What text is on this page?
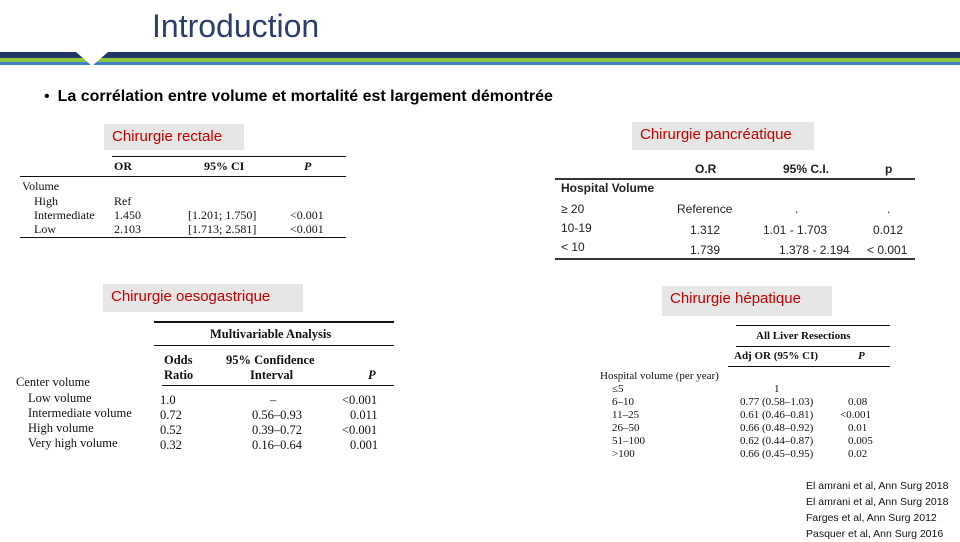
Introduction
• La corrélation entre volume et mortalité est largement démontrée
Chirurgie rectale
OR	95% CI	P
Volume
High	Ref
Intermediate 1.450	[1.201; 1.750]	<0.001
Low	2.103	[1.713; 2.581]	<0.001
Chirurgie pancréatique
O.R	95% C.I.	p
Hospital Volume
≥ 20	Reference	.	.
10-19	1.312	1.01 - 1.703	0.012
< 10	1.739	1.378 - 2.194 < 0.001
Chirurgie oesogastrique
Multivariable Analysis
Odds
Ratio
95% Confidence
Interval	P
Center volume
Low volume	1.0	–	<0.001
Intermediate volume 0.72	0.56–0.93	0.011
High volume	0.52	0.39–0.72	<0.001
Very high volume	0.32	0.16–0.64	0.001
Chirurgie hépatique
All Liver Resections
Adj OR (95% CI)	P
Hospital volume (per year)
≤5	1
6–10	0.77 (0.58–1.03)	0.08
11–25	0.61 (0.46–0.81) <0.001
26–50	0.66 (0.48–0.92)	0.01
51–100	0.62 (0.44–0.87)	0.005
>100	0.66 (0.45–0.95)	0.02
El amrani et al, Ann Surg 2018
El amrani et al, Ann Surg 2018
Farges et al, Ann Surg 2012
Pasquer et al, Ann Surg 2016
